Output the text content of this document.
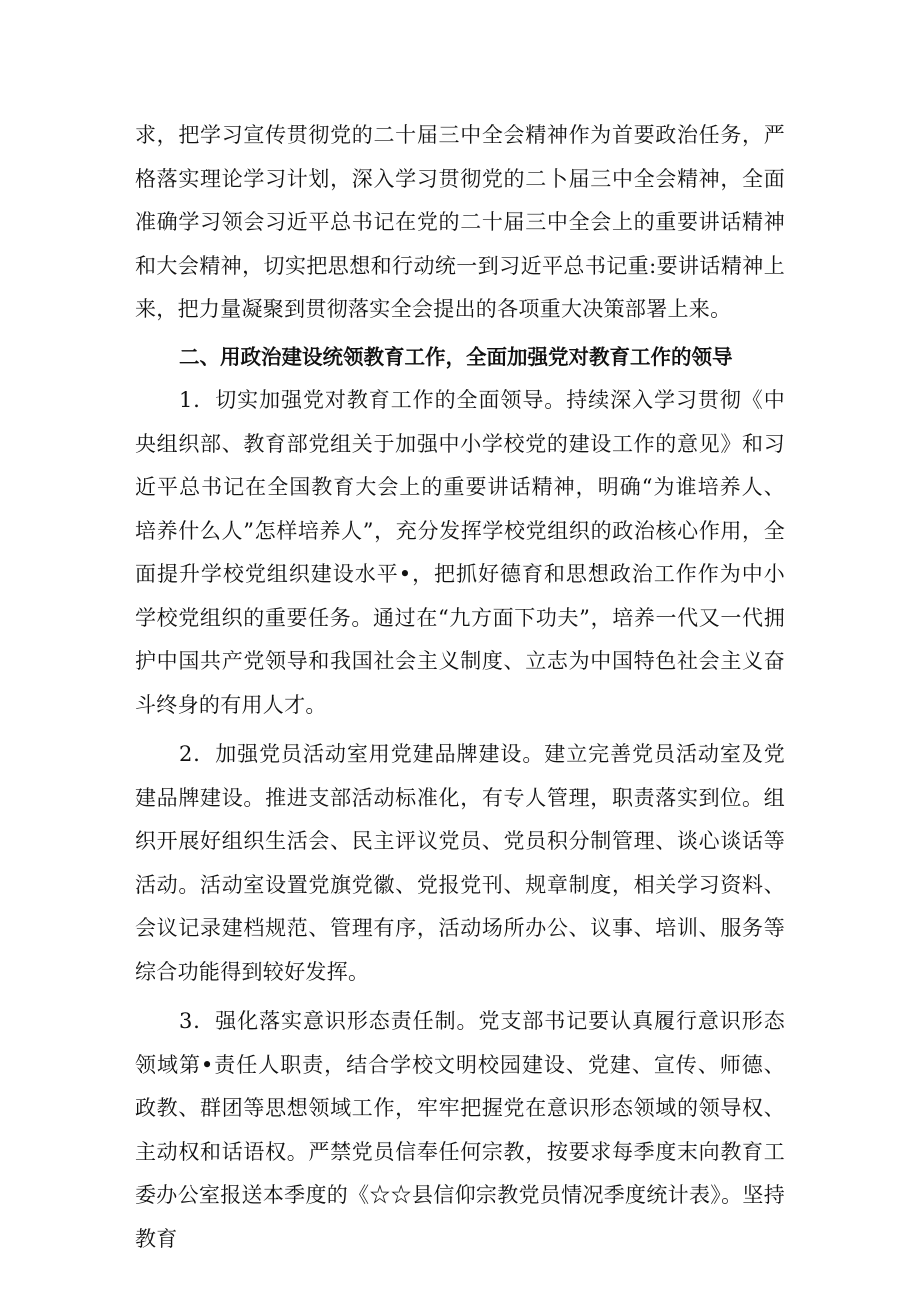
求，把学习宣传贯彻党的二十届三中全会精神作为首要政治任务，严格落实理论学习计划，深入学习贯彻党的二卜届三中全会精神，全面准确学习领会习近平总书记在党的二十届三中全会上的重要讲话精神和大会精神，切实把思想和行动统一到习近平总书记重:要讲话精神上来，把力量凝聚到贯彻落实全会提出的各项重大决策部署上来。

二、用政治建设统领教育工作，全面加强党对教育工作的领导

1．切实加强党对教育工作的全面领导。持续深入学习贯彻《中央组织部、教育部党组关于加强中小学校党的建设工作的意见》和习近平总书记在全国教育大会上的重要讲话精神，明确“为谁培养人、培养什么人”怎样培养人”，充分发挥学校党组织的政治核心作用，全面提升学校党组织建设水平•，把抓好德育和思想政治工作作为中小学校党组织的重要任务。通过在“九方面下功夫”，培养一代又一代拥护中国共产党领导和我国社会主义制度、立志为中国特色社会主义奋斗终身的有用人才。

2．加强党员活动室用党建品牌建设。建立完善党员活动室及党建品牌建设。推进支部活动标准化，有专人管理，职责落实到位。组织开展好组织生活会、民主评议党员、党员积分制管理、谈心谈话等活动。活动室设置党旗党徽、党报党刊、规章制度，相关学习资料、会议记录建档规范、管理有序，活动场所办公、议事、培训、服务等综合功能得到较好发挥。

3．强化落实意识形态责任制。党支部书记要认真履行意识形态领域第•责任人职责，结合学校文明校园建设、党建、宣传、师德、政教、群团等思想领域工作，牢牢把握党在意识形态领域的领导权、主动权和话语权。严禁党员信奉任何宗教，按要求每季度末向教育工委办公室报送本季度的《☆☆县信仰宗教党员情况季度统计表》。坚持教育
